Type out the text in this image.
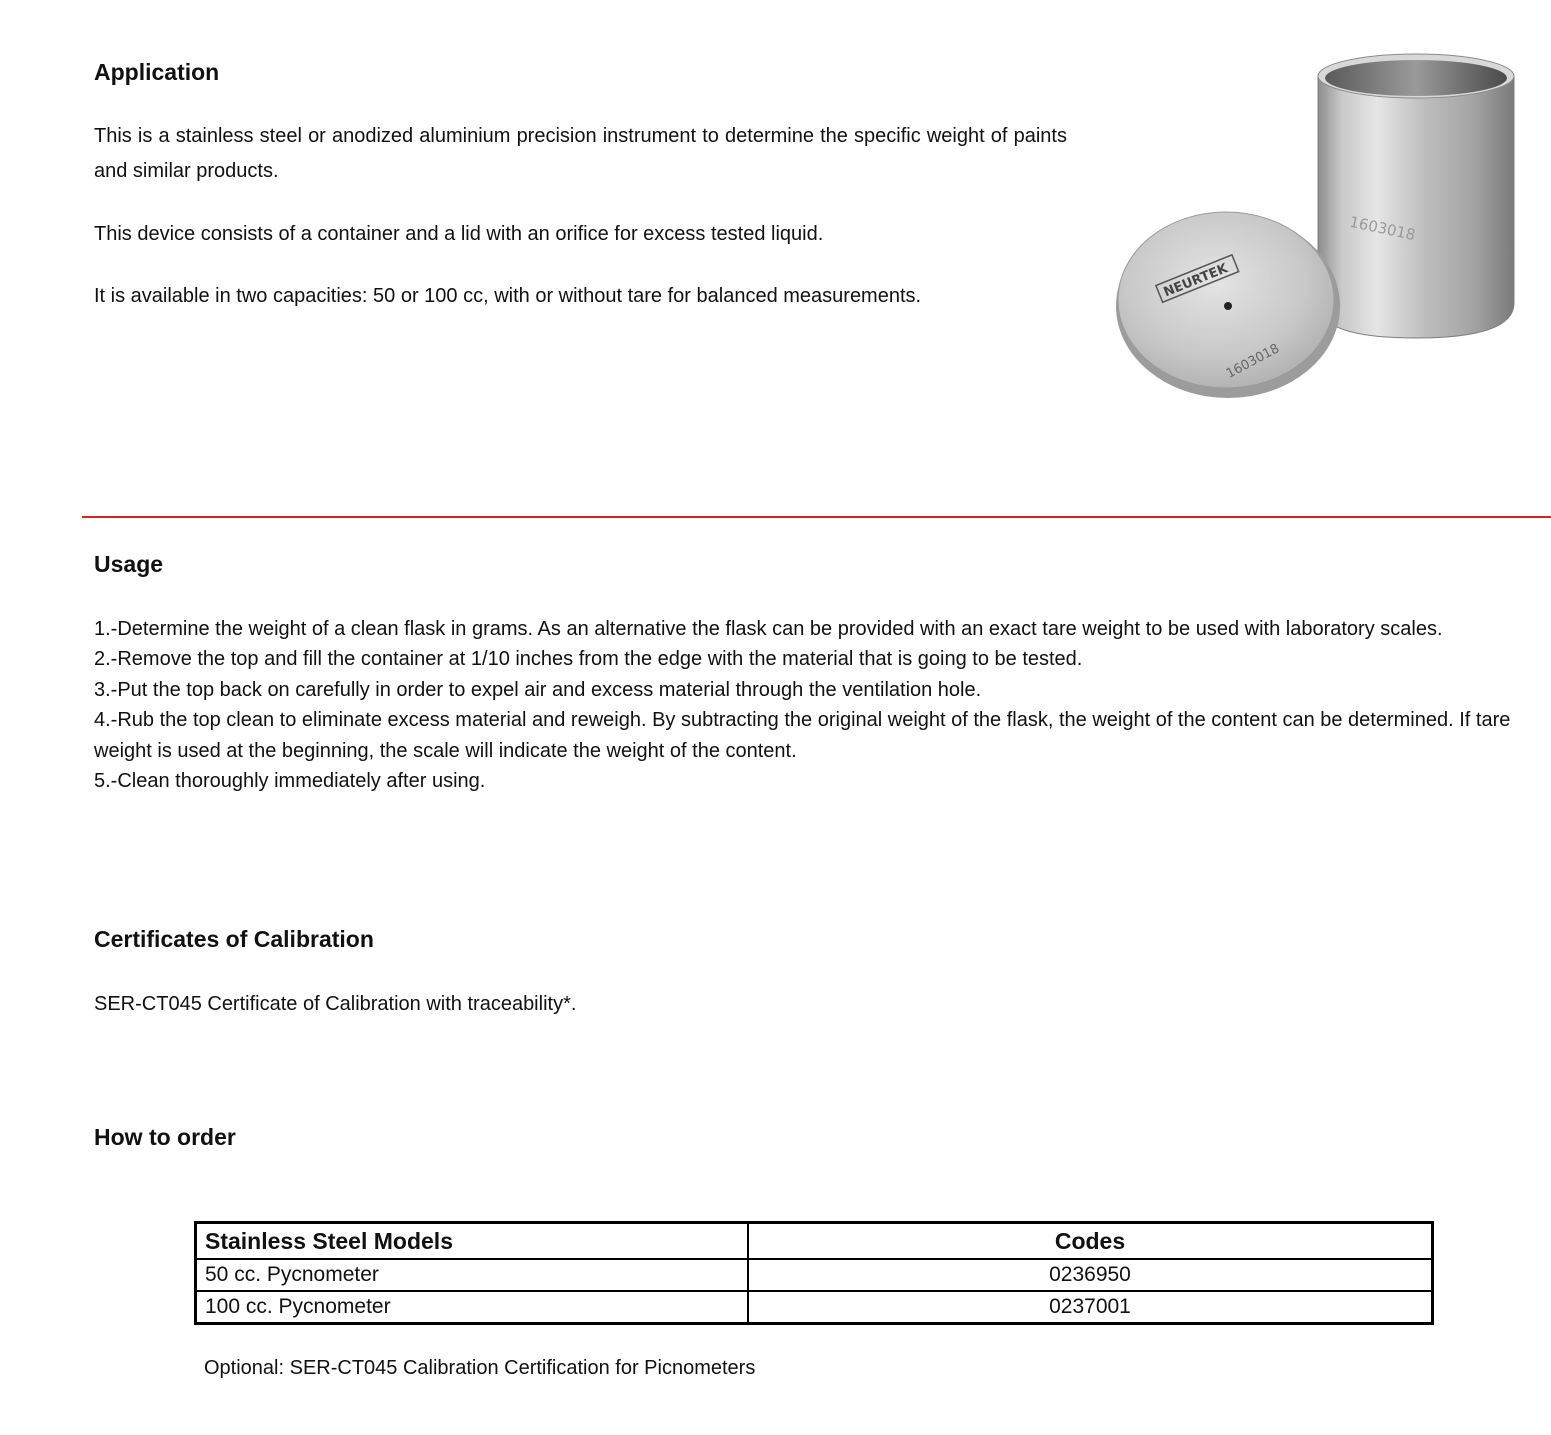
Application

This is a stainless steel or anodized aluminium precision instrument to determine the specific weight of paints and similar products.

This device consists of a container and a lid with an orifice for excess tested liquid.

It is available in two capacities: 50 or 100 cc, with or without tare for balanced measurements.

1603018
NEURTEK
1603018
Usage
1.-Determine the weight of a clean flask in grams. As an alternative the flask can be provided with an exact tare weight to be used with laboratory scales.
2.-Remove the top and fill the container at 1/10 inches from the edge with the material that is going to be tested.
3.-Put the top back on carefully in order to expel air and excess material through the ventilation hole.
4.-Rub the top clean to eliminate excess material and reweigh. By subtracting the original weight of the flask, the weight of the content can be determined. If tare weight is used at the beginning, the scale will indicate the weight of the content.
5.-Clean thoroughly immediately after using.
Certificates of Calibration

SER-CT045 Certificate of Calibration with traceability*.

How to order
Stainless Steel Models	Codes
50 cc. Pycnometer	0236950
100 cc. Pycnometer	0237001

Optional: SER-CT045 Calibration Certification for Picnometers
